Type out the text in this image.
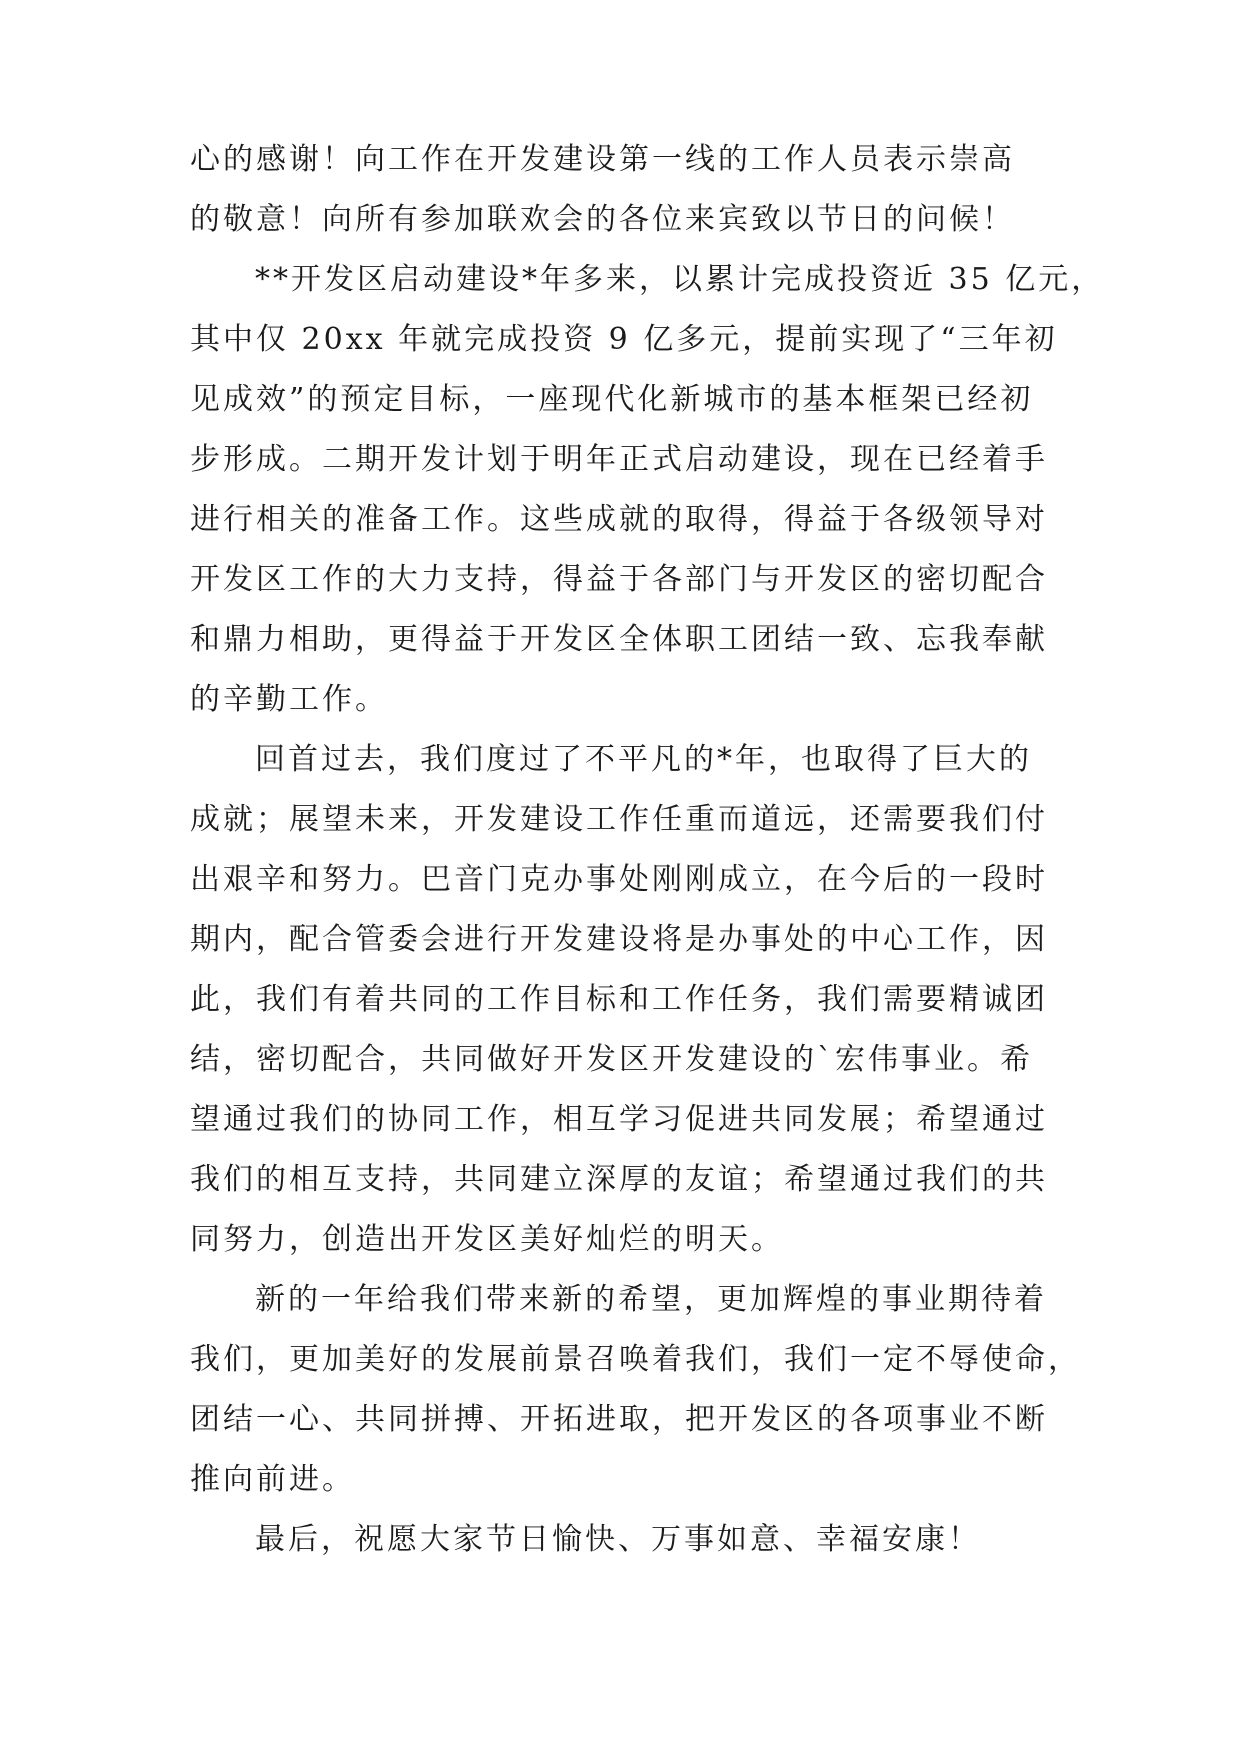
心的感谢！向工作在开发建设第一线的工作人员表示崇高
的敬意！向所有参加联欢会的各位来宾致以节日的问候！
**开发区启动建设*年多来，以累计完成投资近 35 亿元，
其中仅 20xx 年就完成投资 9 亿多元，提前实现了“三年初
见成效”的预定目标，一座现代化新城市的基本框架已经初
步形成。二期开发计划于明年正式启动建设，现在已经着手
进行相关的准备工作。这些成就的取得，得益于各级领导对
开发区工作的大力支持，得益于各部门与开发区的密切配合
和鼎力相助，更得益于开发区全体职工团结一致、忘我奉献
的辛勤工作。
回首过去，我们度过了不平凡的*年，也取得了巨大的
成就；展望未来，开发建设工作任重而道远，还需要我们付
出艰辛和努力。巴音门克办事处刚刚成立，在今后的一段时
期内，配合管委会进行开发建设将是办事处的中心工作，因
此，我们有着共同的工作目标和工作任务，我们需要精诚团
结，密切配合，共同做好开发区开发建设的`宏伟事业。希
望通过我们的协同工作，相互学习促进共同发展；希望通过
我们的相互支持，共同建立深厚的友谊；希望通过我们的共
同努力，创造出开发区美好灿烂的明天。
新的一年给我们带来新的希望，更加辉煌的事业期待着
我们，更加美好的发展前景召唤着我们，我们一定不辱使命，
团结一心、共同拼搏、开拓进取，把开发区的各项事业不断
推向前进。
最后，祝愿大家节日愉快、万事如意、幸福安康！
